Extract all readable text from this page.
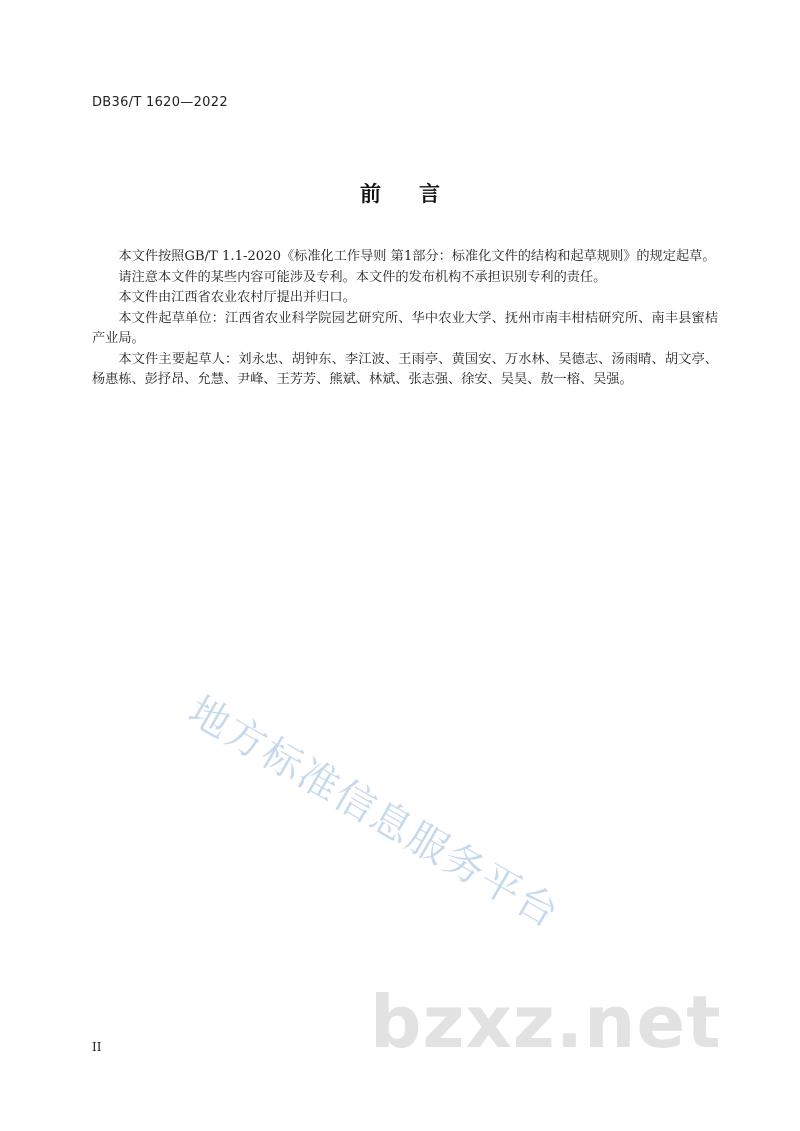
DB36/T 1620—2022
前言

本文件按照GB/T 1.1-2020《标准化工作导则 第1部分：标准化文件的结构和起草规则》的规定起草。

请注意本文件的某些内容可能涉及专利。本文件的发布机构不承担识别专利的责任。

本文件由江西省农业农村厅提出并归口。

本文件起草单位：江西省农业科学院园艺研究所、华中农业大学、抚州市南丰柑桔研究所、南丰县蜜桔产业局。

本文件主要起草人：刘永忠、胡钟东、李江波、王雨亭、黄国安、万水林、吴德志、汤雨晴、胡文亭、杨惠栋、彭抒昂、允慧、尹峰、王芳芳、熊斌、林斌、张志强、徐安、吴昊、敖一榕、吴强。

地方标准信息服务平台
bzxz.net
II
